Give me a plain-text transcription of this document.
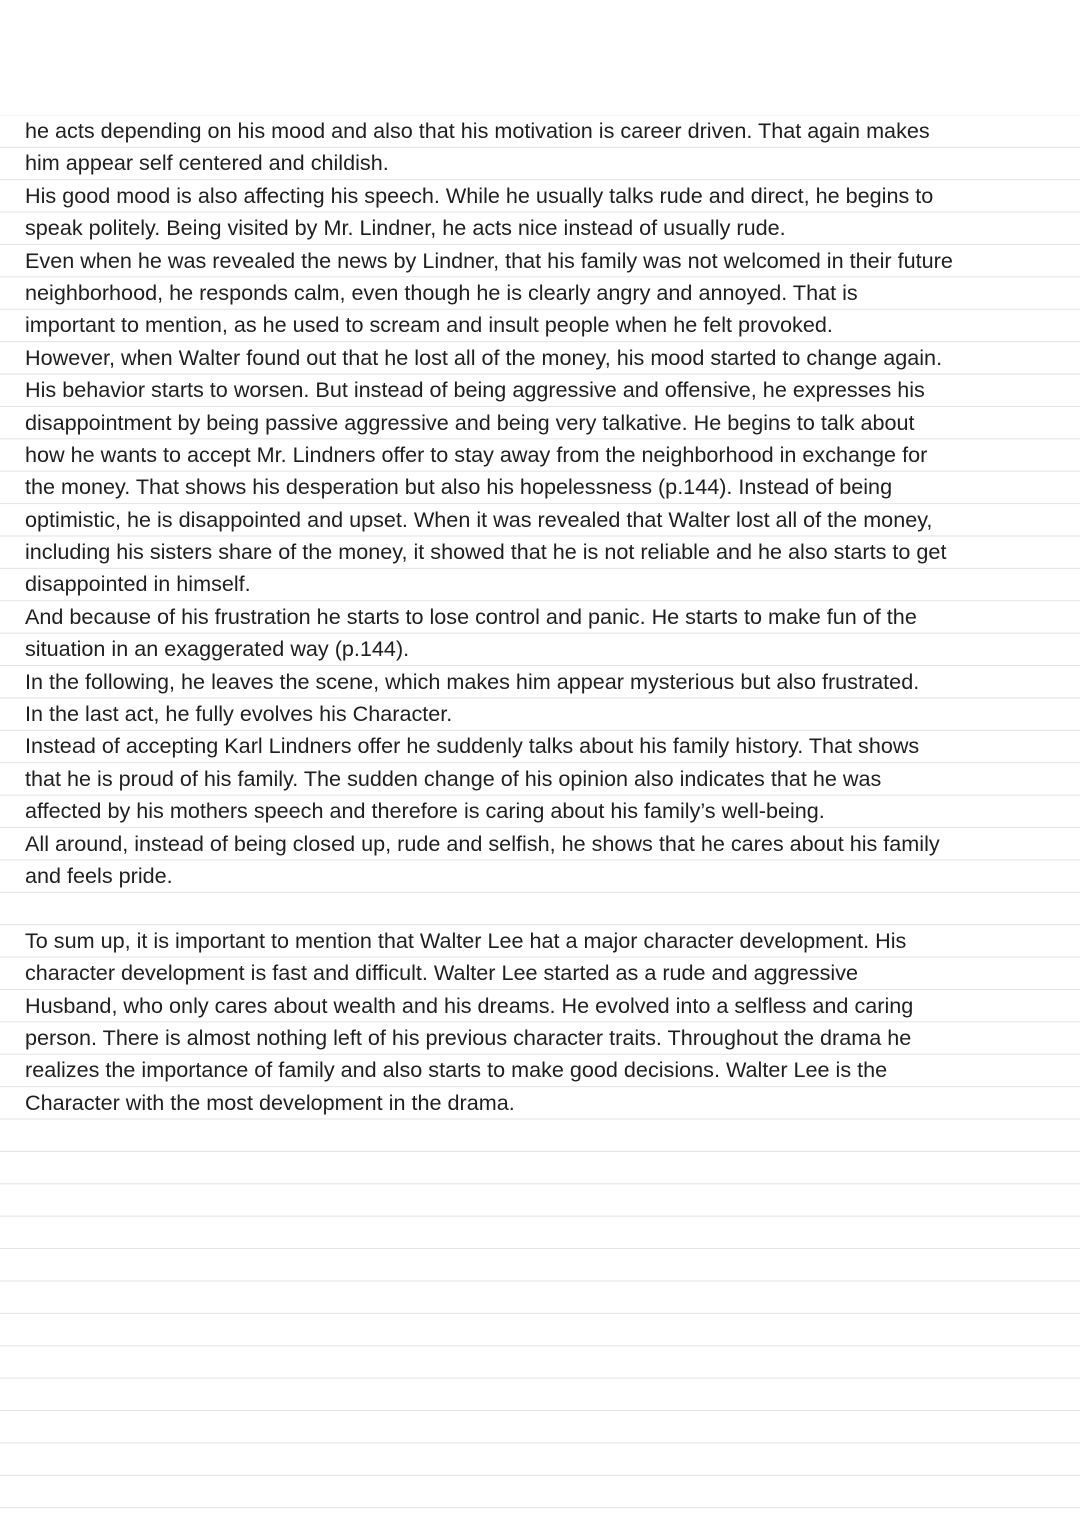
he acts depending on his mood and also that his motivation is career driven. That again makes
him appear self centered and childish.
His good mood is also affecting his speech. While he usually talks rude and direct, he begins to
speak politely. Being visited by Mr. Lindner, he acts nice instead of usually rude.
Even when he was revealed the news by Lindner, that his family was not welcomed in their future
neighborhood, he responds calm, even though he is clearly angry and annoyed. That is
important to mention, as he used to scream and insult people when he felt provoked.
However, when Walter found out that he lost all of the money, his mood started to change again.
His behavior starts to worsen. But instead of being aggressive and offensive, he expresses his
disappointment by being passive aggressive and being very talkative. He begins to talk about
how he wants to accept Mr. Lindners offer to stay away from the neighborhood in exchange for
the money. That shows his desperation but also his hopelessness (p.144). Instead of being
optimistic, he is disappointed and upset. When it was revealed that Walter lost all of the money,
including his sisters share of the money, it showed that he is not reliable and he also starts to get
disappointed in himself.
And because of his frustration he starts to lose control and panic. He starts to make fun of the
situation in an exaggerated way (p.144).
In the following, he leaves the scene, which makes him appear mysterious but also frustrated.
In the last act, he fully evolves his Character.
Instead of accepting Karl Lindners offer he suddenly talks about his family history. That shows
that he is proud of his family. The sudden change of his opinion also indicates that he was
affected by his mothers speech and therefore is caring about his family’s well-being.
All around, instead of being closed up, rude and selfish, he shows that he cares about his family
and feels pride.
To sum up, it is important to mention that Walter Lee hat a major character development. His
character development is fast and difficult. Walter Lee started as a rude and aggressive
Husband, who only cares about wealth and his dreams. He evolved into a selfless and caring
person. There is almost nothing left of his previous character traits. Throughout the drama he
realizes the importance of family and also starts to make good decisions. Walter Lee is the
Character with the most development in the drama.
